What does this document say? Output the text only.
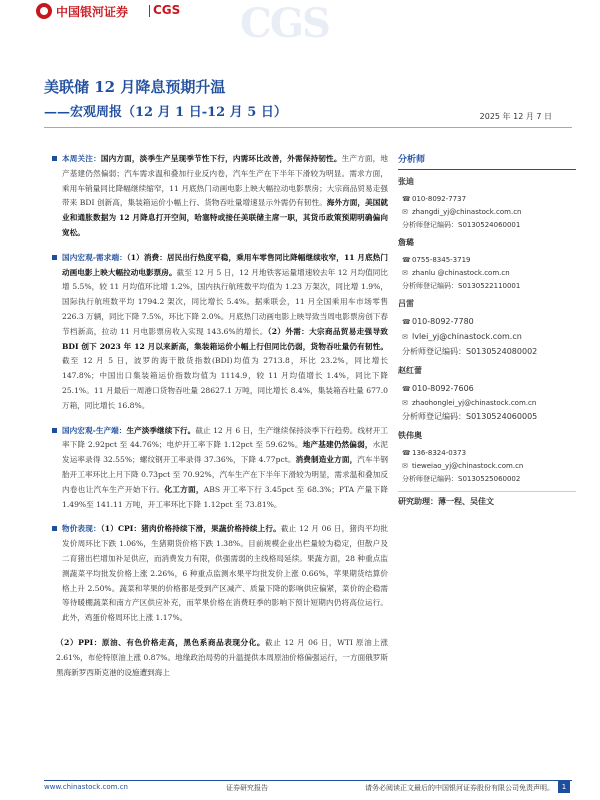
中国银河证券 CGS CGS
美联储 12 月降息预期升温
——宏观周报（12 月 1 日-12 月 5 日）	2025 年 12 月 7 日

本周关注：国内方面，淡季生产呈现季节性下行，内需环比改善，外需保持韧性。生产方面，地产基建仍然偏弱；汽车需求温和叠加行业反内卷，汽车生产在下半年下滑较为明显。需求方面，乘用车销量同比降幅继续缩窄，11 月底热门动画电影上映大幅拉动电影票房；大宗商品贸易走强带来 BDI 创新高，集装箱运价小幅上行、货物吞吐量增速显示外需仍有韧性。海外方面，美国就业和通胀数据为 12 月降息打开空间，哈塞特或接任美联储主席一职，其货币政策预期明确偏向宽松。

国内宏观-需求端：（1）消费：居民出行热度平稳，乘用车零售同比降幅继续收窄，11 月底热门动画电影上映大幅拉动电影票房。截至 12 月 5 日，12 月地铁客运量增速较去年 12 月均值同比增 5.5%，较 11 月均值环比增 1.2%，国内执行航班数平均值为 1.23 万架次，同比增 1.9%，国际执行航班数平均 1794.2 架次，同比增长 5.4%。据乘联会，11 月全国乘用车市场零售 226.3 万辆，同比下降 7.5%，环比下降 2.0%。月底热门动画电影上映导致当周电影票房创下春节档新高，拉动 11 月电影票房收入实现 143.6%的增长。（2）外需：大宗商品贸易走强导致 BDI 创下 2023 年 12 月以来新高，集装箱运价小幅上行但同比仍弱，货物吞吐量仍有韧性。截至 12 月 5 日，波罗的海干散货指数(BDI)均值为 2713.8，环比 23.2%，同比增长 147.8%；中国出口集装箱运价指数均值为 1114.9，较 11 月均值增长 1.4%，同比下降 25.1%。11 月最后一周港口货物吞吐量 28627.1 万吨，同比增长 8.4%，集装箱吞吐量 677.0 万箱，同比增长 16.8%。

国内宏观-生产端：生产淡季继续下行。截止 12 月 6 日，生产继续保持淡季下行趋势。线材开工率下降 2.92pct 至 44.76%；电炉开工率下降 1.12pct 至 59.62%。地产基建仍然偏弱，水泥发运率录得 32.55%；螺纹钢开工率录得 37.36%，下降 4.77pct。消费制造业方面，汽车半钢胎开工率环比上月下降 0.73pct 至 70.92%，汽车生产在下半年下滑较为明显，需求温和叠加反内卷也让汽车生产开始下行。化工方面，ABS 开工率下行 3.45pct 至 68.3%；PTA 产量下降 1.49%至 141.11 万吨，开工率环比下降 1.12pct 至 73.81%。

物价表现：（1）CPI：猪肉价格持续下滑，果蔬价格持续上行。截止 12 月 06 日，猪肉平均批发价周环比下跌 1.06%，生猪期货价格下跌 1.38%。目前规模企业出栏量较为稳定，但散户及二育猪出栏增加补足供应，而消费发力有限，供强需弱的主线格局延续。果蔬方面，28 种重点监测蔬菜平均批发价格上涨 2.26%，6 种重点监测水果平均批发价上涨 0.66%，苹果期货结算价格上升 2.50%。蔬菜和苹果的价格都是受到产区减产、质量下降的影响供应偏紧，菜价的企稳需等待暖棚蔬菜和南方产区供应补充，而苹果价格在消费旺季的影响下预计短期内仍将高位运行。此外，鸡蛋价格周环比上涨 1.17%。

（2）PPI：原油、有色价格走高，黑色系商品表现分化。截止 12 月 06 日，WTI 原油上涨 2.61%，布伦特原油上涨 0.87%。地缘政治局势的升温提供本周原油价格偏强运行，一方面俄罗斯黑海新罗西斯克港的设施遭到海上

分析师
张迪
☎ 010-8092-7737
✉ zhangdi_yj@chinastock.com.cn
分析师登记编码：S0130524060001
詹璐
☎ 0755-8345-3719
✉ zhanlu @chinastock.com.cn
分析师登记编码：S0130522110001
吕雷
☎ 010-8092-7780
✉ lvlei_yj@chinastock.com.cn
分析师登记编码：S0130524080002
赵红蕾
☎ 010-8092-7606
✉ zhaohonglei_yj@chinastock.com.cn
分析师登记编码：S0130524060005
铁伟奥
☎ 136-8324-0373
✉ tieweiao_yj@chinastock.com.cn
分析师登记编码：S0130525060002
研究助理：薄一程、吴佳文
www.chinastock.com.cn	证券研究报告	请务必阅读正文最后的中国银河证券股份有限公司免责声明。	1
